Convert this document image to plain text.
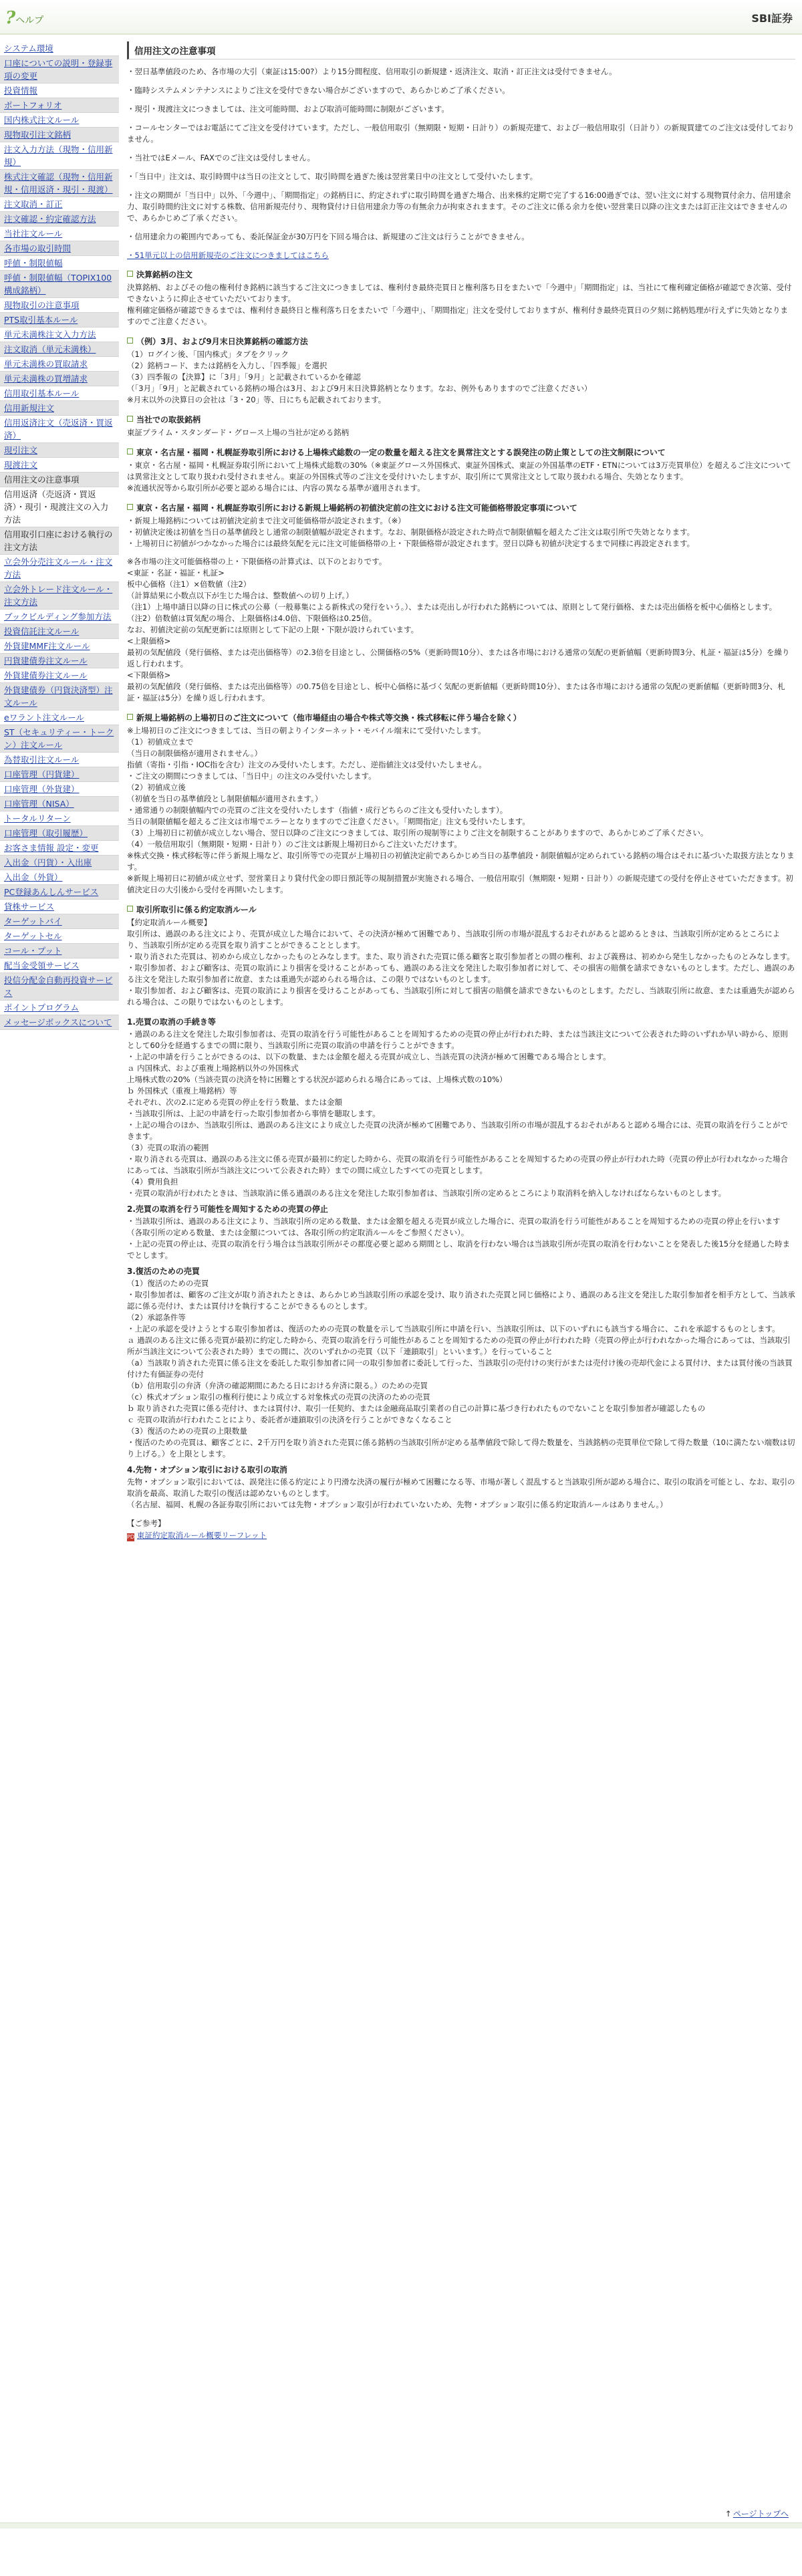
?ヘルプ	SBI証券
システム環境
口座についての説明・登録事項の変更
投資情報
ポートフォリオ
国内株式注文ルール
現物取引注文銘柄
注文入力方法（現物・信用新規）
株式注文確認（現物・信用新規・信用返済・現引・現渡）
注文取消・訂正
注文確認・約定確認方法
当社注文ルール
各市場の取引時間
呼値・制限値幅
呼値・制限値幅（TOPIX100構成銘柄）
現物取引の注意事項
PTS取引基本ルール
単元未満株注文入力方法
注文取消（単元未満株）
単元未満株の買取請求
単元未満株の買増請求
信用取引基本ルール
信用新規注文
信用返済注文（売返済・買返済）
現引注文
現渡注文
信用注文の注意事項
信用返済（売返済・買返済）・現引・現渡注文の入力方法
信用取引口座における執行の注文方法
立会外分売注文ルール・注文方法
立会外トレード注文ルール・注文方法
ブックビルディング参加方法
投資信託注文ルール
外貨建MMF注文ルール
円貨建債券注文ルール
外貨建債券注文ルール
外貨建債券（円貨決済型）注文ルール
eワラント注文ルール
ST（セキュリティー・トークン）注文ルール
為替取引注文ルール
口座管理（円貨建）
口座管理（外貨建）
口座管理（NISA）
トータルリターン
口座管理（取引履歴）
お客さま情報 設定・変更
入出金（円貨）・入出庫
入出金（外貨）
PC登録あんしんサービス
貸株サービス
ターゲットバイ
ターゲットセル
コール・プット
配当金受領サービス
投信分配金自動再投資サービス
ポイントプログラム
メッセージボックスについて
信用注文の注意事項

・翌日基準値段のため、各市場の大引（東証は15:00?）より15分間程度、信用取引の新規建・返済注文、取消・訂正注文は受付できません。

・臨時システムメンテナンスによりご注文を受付できない場合がございますので、あらかじめご了承ください。

・現引・現渡注文につきましては、注文可能時間、および取消可能時間に制限がございます。

・コールセンターではお電話にてご注文を受付けています。ただし、一般信用取引（無期限・短期・日計り）の新規売建て、および一般信用取引（日計り）の新規買建てのご注文は受付しておりません。

・当社ではEメール、FAXでのご注文は受付しません。

・「当日中」注文は、取引時間中は当日の注文として、取引時間を過ぎた後は翌営業日中の注文として受付いたします。

・注文の期間が「当日中」以外、「今週中」、「期間指定」の銘柄日に、約定されずに取引時間を過ぎた場合、出来株約定期で完了する16:00過ぎでは、翌い注文に対する現物買付余力、信用建余力、取引時間約注文に対する株数、信用新規売付り、現物貸付け日信用建余力等の有無余力が拘束されまます。そのご注文に係る余力を使い翌営業日以降の注文または訂正注文はできませんので、あらかじめご了承ください。

・信用建余力の範囲内であっても、委託保証金が30万円を下回る場合は、新規建のご注文は行うことができません。

・51単元以上の信用新規売のご注文につきましてはこちら

決算銘柄の注文

決算銘柄、およびその他の権利付き銘柄に該当するご注文につきましては、権利付き最終売買日と権利落ち日をまたいで「今週中」「期間指定」は、当社にて権利確定価格が確認でき次第、受付できないように抑止させていただいております。

権利確定価格が確認できるまでは、権利付き最終日と権利落ち日をまたいで「今週中」、「期間指定」注文を受付しておりますが、権利付き最終売買日の夕刻に銘柄処理が行えずに失効となりますのでご注意ください。

（例）3月、および9月末日決算銘柄の確認方法

（1）ログイン後、「国内株式」タブをクリック

（2）銘柄コード、または銘柄を入力し、「四季報」を選択

（3）四季報の【決算】に「3月」「9月」と記載されているかを確認

（「3月」「9月」と記載されている銘柄の場合は3月、および9月末日決算銘柄となります。なお、例外もありますのでご注意ください）

※月末以外の決算日の会社は「3・20」等、日にちも記載されております。

当社での取扱銘柄

東証プライム・スタンダード・グロース上場の当社が定める銘柄

東京・名古屋・福岡・札幌証券取引所における上場株式総数の一定の数量を超える注文を異常注文とする誤発注の防止策としての注文制限について

・東京・名古屋・福岡・札幌証券取引所において上場株式総数の30%（※東証グロース外国株式、東証外国株式、東証の外国基準のETF・ETNについては3万売買単位）を超えるご注文については異常注文として取り扱われ受付されません。東証の外国株式等のご注文を受付けいたしますが、取引所にて異常注文として取り扱われる場合、失効となります。

※流通状況等から取引所が必要と認める場合には、内容の異なる基準が適用されます。

東京・名古屋・福岡・札幌証券取引所における新規上場銘柄の初値決定前の注文における注文可能価格帯設定事項について

・新規上場銘柄については初値決定前まで注文可能価格帯が設定されます。（※）

・初値決定後は初値を当日の基準値段とし通常の制限値幅が設定されます。なお、制限価格が設定された時点で制限値幅を超えたご注文は取引所で失効となります。

・上場初日に初値がつかなかった場合には最終気配を元に注文可能価格帯の上・下限価格帯が設定されます。翌日以降も初値が決定するまで同様に再設定されます。

※各市場の注文可能価格帯の上・下限価格の計算式は、以下のとおりです。

<東証・名証・福証・札証>

板中心価格（注1）×倍数値（注2）

（計算結果に小数点以下が生じた場合は、整数値への切り上げ。）

（注1）上場申請日以降の日に株式の公募（一般募集による新株式の発行をいう。）、または売出しが行われた銘柄については、原則として発行価格、または売出価格を板中心価格とします。

（注2）倍数値は買気配の場合、上限価格は4.0倍、下限価格は0.25倍。

なお、初値決定前の気配更新には原則として下記の上限・下限が設けられています。

<上限価格>

最初の気配値段（発行価格、または売出価格等）の2.3倍を目途とし、公開価格の5%（更新時間10分）、または各市場における通常の気配の更新値幅（更新時間3分、札証・福証は5分）を繰り返し行われます。

<下限価格>

最初の気配値段（発行価格、または売出価格等）の0.75倍を目途とし、板中心価格に基づく気配の更新値幅（更新時間10分）、または各市場における通常の気配の更新値幅（更新時間3分、札証・福証は5分）を繰り返し行われます。

新規上場銘柄の上場初日のご注文について（他市場経由の場合や株式等交換・株式移転に伴う場合を除く）

※上場初日のご注文につきましては、当日の朝よりインターネット・モバイル端末にて受付いたします。

（1）初値成立まで

（当日の制限価格が適用されません。）

指値（寄指・引指・IOC指を含む）注文のみ受付いたします。ただし、逆指値注文は受付いたしません。

・ご注文の期間につきましては、「当日中」の注文のみ受付いたします。

（2）初値成立後

（初値を当日の基準値段とし制限値幅が適用されます。）

・通常通りの制限値幅内での売買のご注文を受付いたします（指値・成行どちらのご注文も受付いたします）。

当日の制限値幅を超えるご注文は市場でエラーとなりますのでご注意ください。「期間指定」注文も受付いたします。

（3）上場初日に初値が成立しない場合、翌日以降のご注文につきましては、取引所の規制等によりご注文を制限することがありますので、あらかじめご了承ください。

（4）一般信用取引（無期限・短期・日計り）のご注文は新規上場初日からご注文いただけます。

※株式交換・株式移転等に伴う新規上場など、取引所等での売買が上場初日の初値決定前であらかじめ当日の基準値段・制限値幅が定められている銘柄の場合はそれに基づいた取扱方法となります。

※新規上場初日に初値が成立せず、翌営業日より貸付代金の即日預託等の規制措置が実施される場合、一般信用取引（無期限・短期・日計り）の新規売建ての受付を停止させていただきます。初値決定日の大引後から受付を再開いたします。

取引所取引に係る約定取消ルール

【約定取消ルール概要】

取引所は、過誤のある注文により、売買が成立した場合において、その決済が極めて困難であり、当該取引所の市場が混乱するおそれがあると認めるときは、当該取引所が定めるところにより、当該取引所が定める売買を取り消すことができることとします。

・取り消された売買は、初めから成立しなかったものとみなします。また、取り消された売買に係る顧客と取引参加者との間の権利、および義務は、初めから発生しなかったものとみなします。

・取引参加者、および顧客は、売買の取消により損害を受けることがあっても、過誤のある注文を発注した取引参加者に対して、その損害の賠償を請求できないものとします。ただし、過誤のある注文を発注した取引参加者に故意、または重過失が認められる場合は、この限りではないものとします。

・取引参加者、および顧客は、売買の取消により損害を受けることがあっても、当該取引所に対して損害の賠償を請求できないものとします。ただし、当該取引所に故意、または重過失が認められる場合は、この限りではないものとします。

1.売買の取消の手続き等

・過誤のある注文を発注した取引参加者は、売買の取消を行う可能性があることを周知するための売買の停止が行われた時、または当該注文について公表された時のいずれか早い時から、原則として60分を経過するまでの間に限り、当該取引所に売買の取消の申請を行うことができます。

・上記の申請を行うことができるのは、以下の数量、または金額を超える売買が成立し、当該売買の決済が極めて困難である場合とします。

ａ 内国株式、および重複上場銘柄以外の外国株式

上場株式数の20%（当該売買の決済を特に困難とする状況が認められる場合にあっては、上場株式数の10%）

ｂ 外国株式（重複上場銘柄）等

それぞれ、次の2.に定める売買の停止を行う数量、または金額

・当該取引所は、上記の申請を行った取引参加者から事情を聴取します。

・上記の場合のほか、当該取引所は、過誤のある注文により成立した売買の決済が極めて困難であり、当該取引所の市場が混乱するおそれがあると認める場合には、売買の取消を行うことができます。

（3）売買の取消の範囲

・取り消される売買は、過誤のある注文に係る売買が最初に約定した時から、売買の取消を行う可能性があることを周知するための売買の停止が行われた時（売買の停止が行われなかった場合にあっては、当該取引所が当該注文について公表された時）までの間に成立したすべての売買とします。

（4）費用負担

・売買の取消が行われたときは、当該取消に係る過誤のある注文を発注した取引参加者は、当該取引所の定めるところにより取消料を納入しなければならないものとします。

2.売買の取消を行う可能性を周知するための売買の停止

・当該取引所は、過誤のある注文により、当該取引所の定める数量、または金額を超える売買が成立した場合に、売買の取消を行う可能性があることを周知するための売買の停止を行います（各取引所の定める数量、または金額については、各取引所の約定取消ルールをご参照ください）。

・上記の売買の停止は、売買の取消を行う場合は当該取引所がその都度必要と認める期間とし、取消を行わない場合は当該取引所が売買の取消を行わないことを発表した後15分を経過した時までとします。

3.復活のための売買

（1）復活のための売買

・取引参加者は、顧客のご注文が取り消されたときは、あらかじめ当該取引所の承認を受け、取り消された売買と同じ価格により、過誤のある注文を発注した取引参加者を相手方として、当該承認に係る売付け、または買付けを執行することができるものとします。

（2）承認条件等

・上記の承認を受けようとする取引参加者は、復活のための売買の数量を示して当該取引所に申請を行い、当該取引所は、以下のいずれにも該当する場合に、これを承認するものとします。

ａ 過誤のある注文に係る売買が最初に約定した時から、売買の取消を行う可能性があることを周知するための売買の停止が行われた時（売買の停止が行われなかった場合にあっては、当該取引所が当該注文について公表された時）までの間に、次のいずれかの売買（以下「連鎖取引」といいます。）を行っていること

（a）当該取り消された売買に係る注文を委託した取引参加者に同一の取引参加者に委託して行った、当該取引の売付けの実行がまたは売付け後の売却代金による買付け、または買付後の当該買付けた有価証券の売付

（b）信用取引の弁済（弁済の確認期間にあたる日における弁済に限る。）のための売買

（c）株式オプション取引の権利行使により成立する対象株式の売買の決済のための売買

ｂ 取り消された売買に係る売付け、または買付け、取引一任契約、または金融商品取引業者の自己の計算に基づき行われたものでないことを取引参加者が確認したもの

ｃ 売買の取消が行われたことにより、委託者が連鎖取引の決済を行うことができなくなること

（3）復活のための売買の上限数量

・復活のための売買は、顧客ごとに、2千万円を取り消された売買に係る銘柄の当該取引所が定める基準値段で除して得た数量を、当該銘柄の売買単位で除して得た数量（10に満たない端数は切り上げる。）を上限とします。

4.先物・オプション取引における取引の取消

先物・オプション取引においては、誤発注に係る約定により円滑な決済の履行が極めて困難になる等、市場が著しく混乱すると当該取引所が認める場合に、取引の取消を可能とし、なお、取引の取消を最高、取消した取引の復活は認めないものとします。

（名古屋、福岡、札幌の各証券取引所においては先物・オプション取引が行われていないため、先物・オプション取引に係る約定取消ルールはありません。）

【ご参考】
PDF東証約定取消ルール概要リーフレット
↑ ページトップへ
